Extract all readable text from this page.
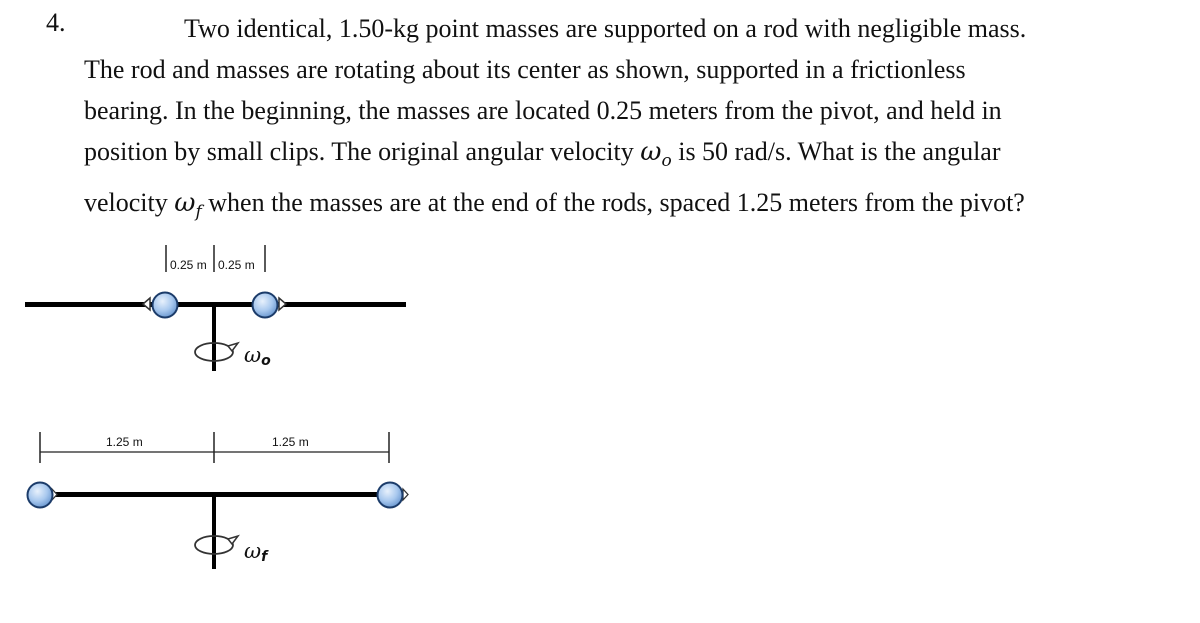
4.	Two identical, 1.50-kg point masses are supported on a rod with negligible mass.
The rod and masses are rotating about its center as shown, supported in a frictionless
bearing. In the beginning, the masses are located 0.25 meters from the pivot, and held in
position by small clips. The original angular velocity $\omega_o$ is 50 rad/s. What is the angular
velocity $\omega_f$ when the masses are at the end of the rods, spaced 1.25 meters from the pivot?
0.25 m 0.25 m
ωo
1.25 m	1.25 m
ωf
